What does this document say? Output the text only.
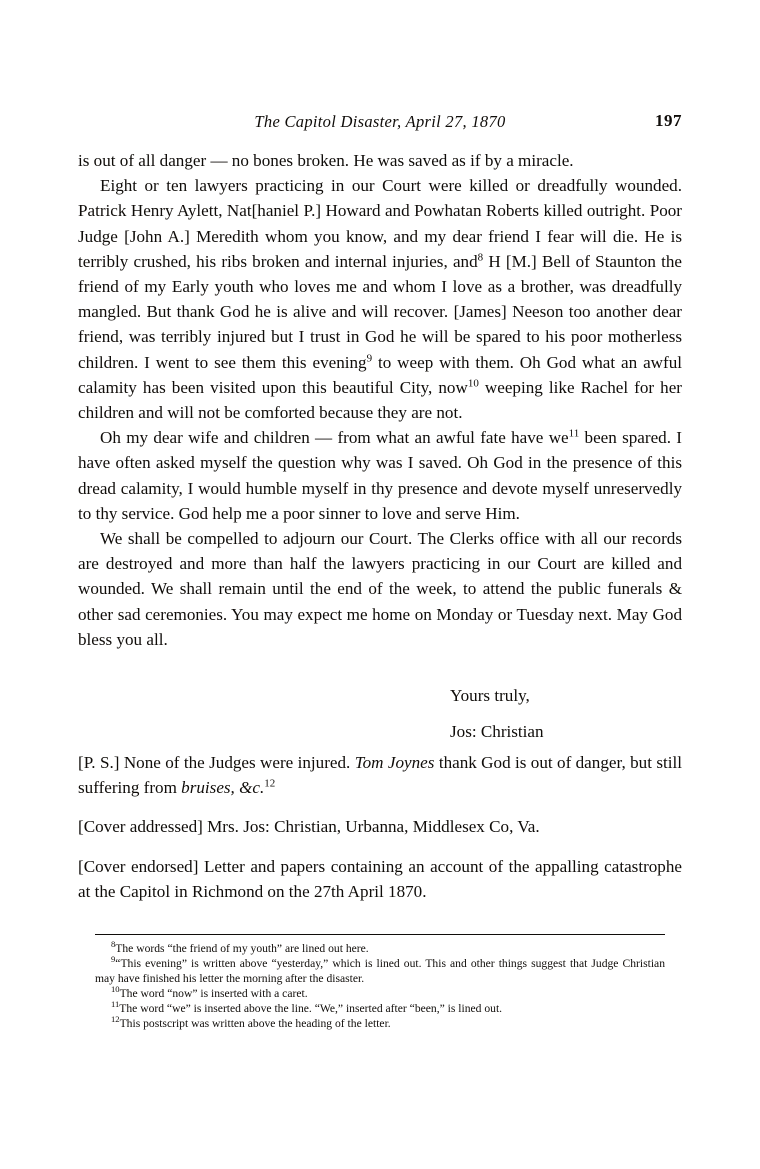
The Capitol Disaster, April 27, 1870	197

is out of all danger — no bones broken. He was saved as if by a miracle.

Eight or ten lawyers practicing in our Court were killed or dreadfully wounded. Patrick Henry Aylett, Nat[haniel P.] Howard and Powhatan Roberts killed outright. Poor Judge [John A.] Meredith whom you know, and my dear friend I fear will die. He is terribly crushed, his ribs broken and internal injuries, and$^8$ H [M.] Bell of Staunton the friend of my Early youth who loves me and whom I love as a brother, was dreadfully mangled. But thank God he is alive and will recover. [James] Neeson too another dear friend, was terribly injured but I trust in God he will be spared to his poor motherless children. I went to see them this evening$^9$ to weep with them. Oh God what an awful calamity has been visited upon this beautiful City, now$^{10}$ weeping like Rachel for her children and will not be comforted because they are not.

Oh my dear wife and children — from what an awful fate have $we^{11}$ been spared. I have often asked myself the question why was I saved. Oh God in the presence of this dread calamity, I would humble myself in thy presence and devote myself unreservedly to thy service. God help me a poor sinner to love and serve Him.

We shall be compelled to adjourn our Court. The Clerks office with all our records are destroyed and more than half the lawyers practicing in our Court are killed and wounded. We shall remain until the end of the week, to attend the public funerals & other sad ceremonies. You may expect me home on Monday or Tuesday next. May God bless you all.

Yours truly,
Jos: Christian

[P. S.] None of the Judges were injured. Tom Joynes thank God is out of danger, but still suffering from bruises, &c.$^{12}$

[Cover addressed] Mrs. Jos: Christian, Urbanna, Middlesex Co, Va.

[Cover endorsed] Letter and papers containing an account of the appalling catastrophe at the Capitol in Richmond on the 27th April 1870.

$^8$The words “the friend of my youth” are lined out here.

$^9$“This evening” is written above “yesterday,” which is lined out. This and other things suggest that Judge Christian may have finished his letter the morning after the disaster.

$^{10}$The word “now” is inserted with a caret.

$^{11}$The word “we” is inserted above the line. “We,” inserted after “been,” is lined out.

$^{12}$This postscript was written above the heading of the letter.
